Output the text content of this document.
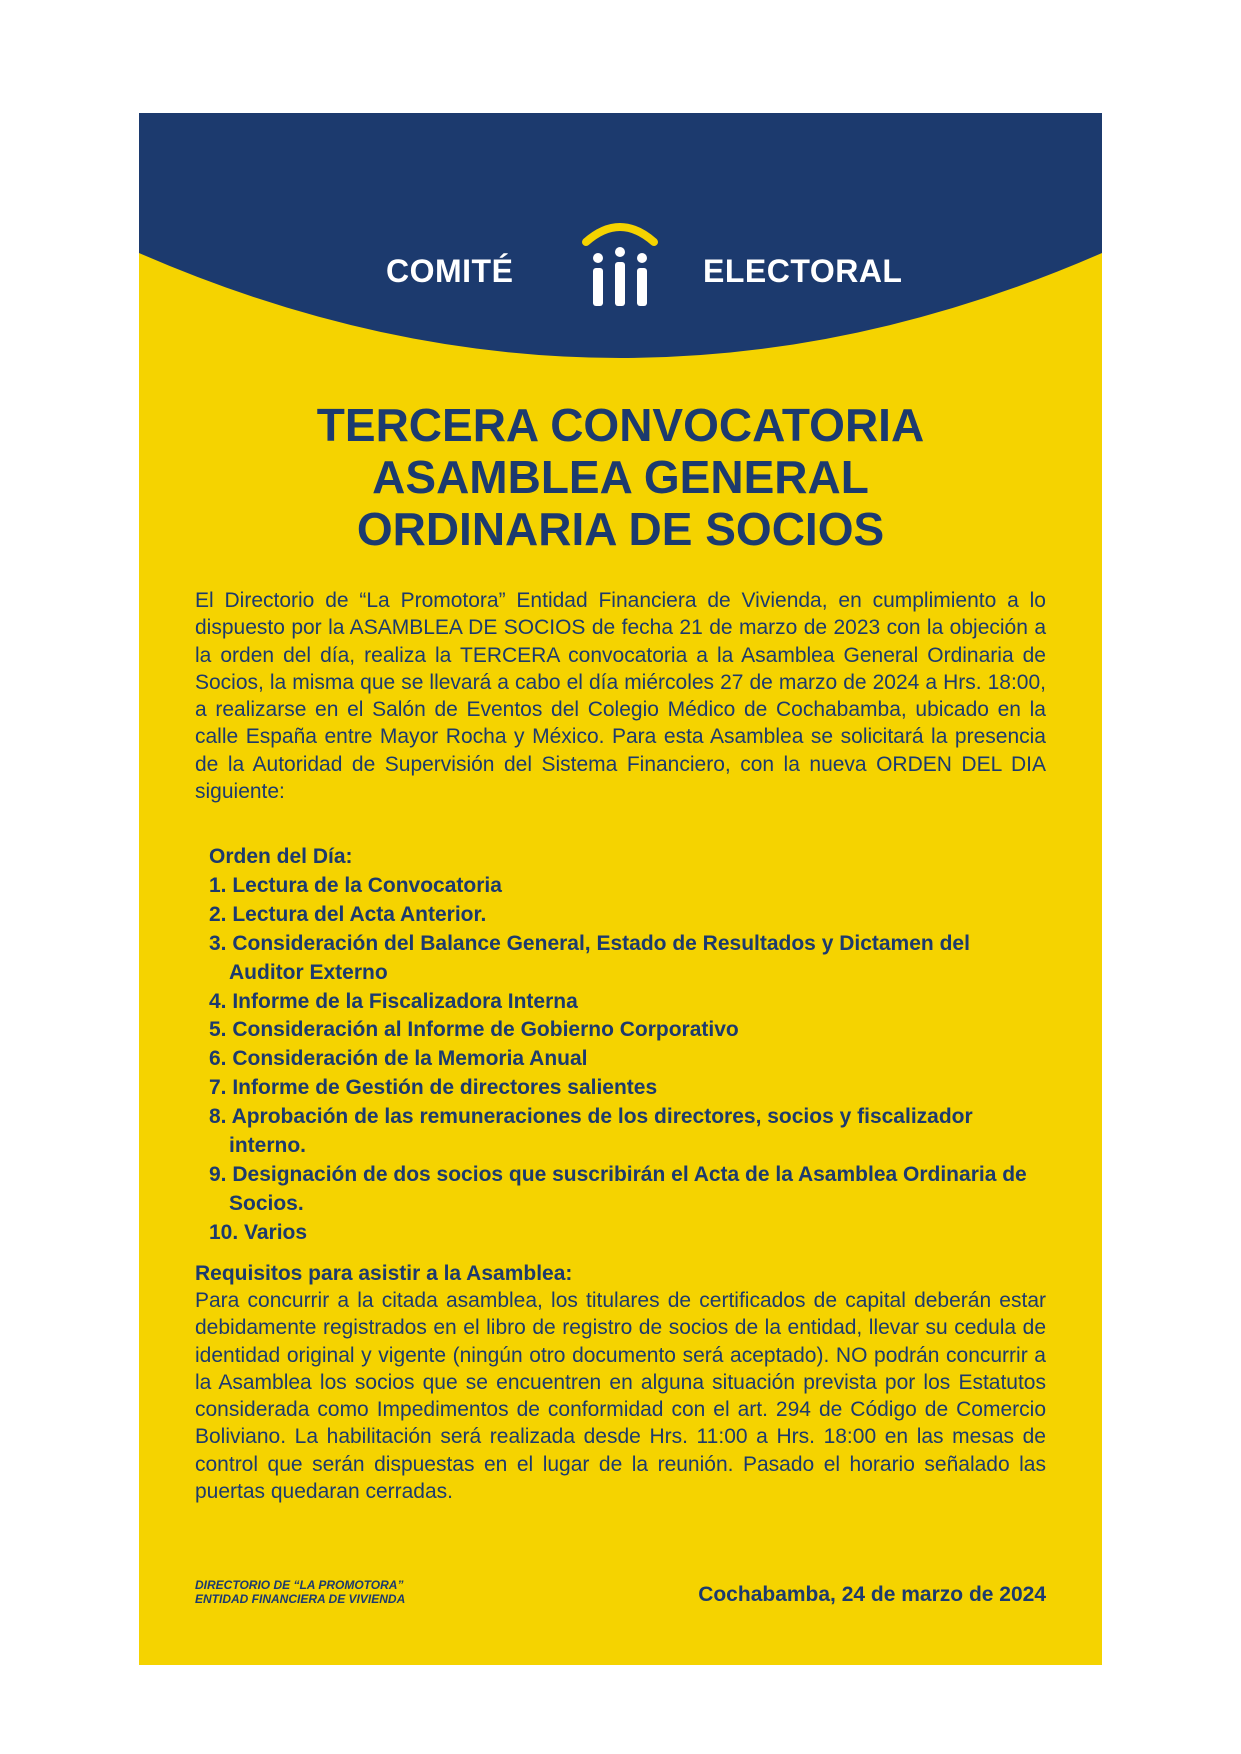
COMITÉ	ELECTORAL
TERCERA CONVOCATORIA
ASAMBLEA GENERAL
ORDINARIA DE SOCIOS

El Directorio de “La Promotora” Entidad Financiera de Vivienda, en cumplimiento a lo dispuesto por la ASAMBLEA DE SOCIOS de fecha 21 de marzo de 2023 con la objeción a la orden del día, realiza la TERCERA convocatoria a la Asamblea General Ordinaria de Socios, la misma que se llevará a cabo el día miércoles 27 de marzo de 2024 a Hrs. 18:00, a realizarse en el Salón de Eventos del Colegio Médico de Cochabamba, ubicado en la calle España entre Mayor Rocha y México. Para esta Asamblea se solicitará la presencia de la Autoridad de Supervisión del Sistema Financiero, con la nueva ORDEN DEL DIA siguiente:

Orden del Día:
1. Lectura de la Convocatoria
2. Lectura del Acta Anterior.
3. Consideración del Balance General, Estado de Resultados y Dictamen del Auditor Externo
4. Informe de la Fiscalizadora Interna
5. Consideración al Informe de Gobierno Corporativo
6. Consideración de la Memoria Anual
7. Informe de Gestión de directores salientes
8. Aprobación de las remuneraciones de los directores, socios y fiscalizador interno.
9. Designación de dos socios que suscribirán el Acta de la Asamblea Ordinaria de Socios.
10. Varios
Requisitos para asistir a la Asamblea:

Para concurrir a la citada asamblea, los titulares de certificados de capital deberán estar debidamente registrados en el libro de registro de socios de la entidad, llevar su cedula de identidad original y vigente (ningún otro documento será aceptado). NO podrán concurrir a la Asamblea los socios que se encuentren en alguna situación prevista por los Estatutos considerada como Impedimentos de conformidad con el art. 294 de Código de Comercio Boliviano. La habilitación será realizada desde Hrs. 11:00 a Hrs. 18:00 en las mesas de control que serán dispuestas en el lugar de la reunión. Pasado el horario señalado las puertas quedaran cerradas.

DIRECTORIO DE “LA PROMOTORA”
ENTIDAD FINANCIERA DE VIVIENDA	Cochabamba, 24 de marzo de 2024
